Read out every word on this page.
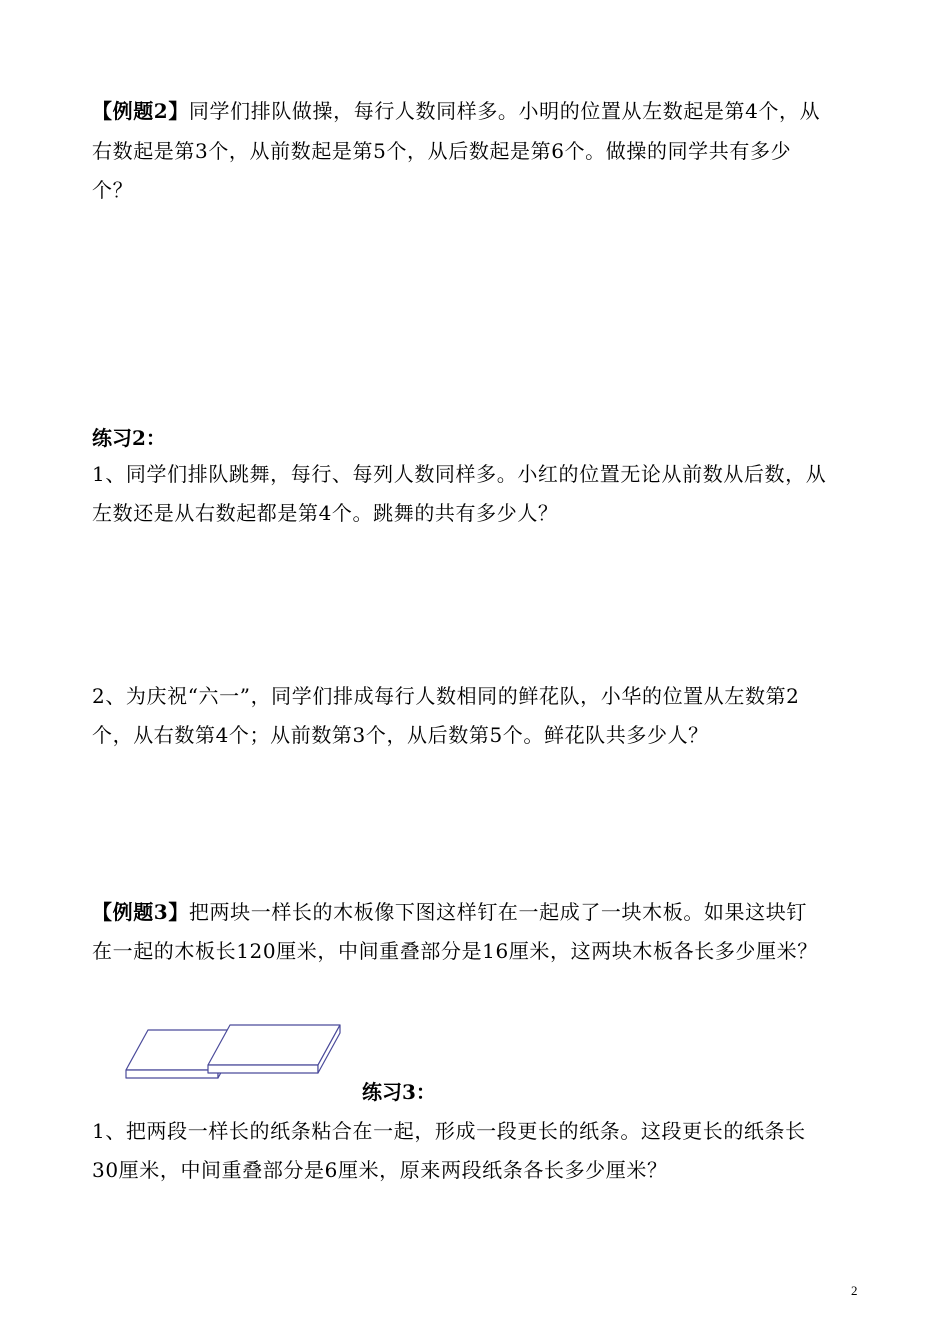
【例题2】同学们排队做操，每行人数同样多。小明的位置从左数起是第4个，从
右数起是第3个，从前数起是第5个，从后数起是第6个。做操的同学共有多少
个？
练习2：
1、同学们排队跳舞，每行、每列人数同样多。小红的位置无论从前数从后数，从
左数还是从右数起都是第4个。跳舞的共有多少人？
2、为庆祝“六一”，同学们排成每行人数相同的鲜花队，小华的位置从左数第2
个，从右数第4个；从前数第3个，从后数第5个。鲜花队共多少人？
【例题3】把两块一样长的木板像下图这样钉在一起成了一块木板。如果这块钉
在一起的木板长120厘米，中间重叠部分是16厘米，这两块木板各长多少厘米？
练习3：
1、把两段一样长的纸条粘合在一起，形成一段更长的纸条。这段更长的纸条长
30厘米，中间重叠部分是6厘米，原来两段纸条各长多少厘米？
2
